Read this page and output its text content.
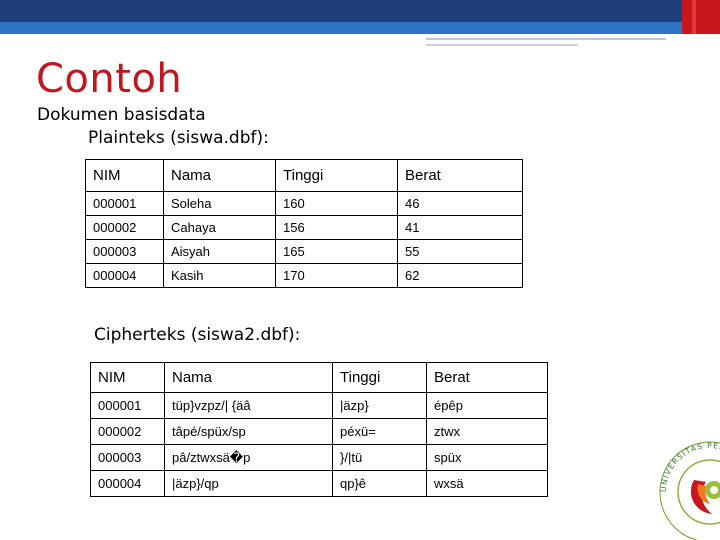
Contoh
Dokumen basisdata
Plainteks (siswa.dbf):
NIM	Nama	Tinggi	Berat
000001	Soleha	160	46
000002	Cahaya	156	41
000003	Aisyah	165	55
000004	Kasih	170	62
Cipherteks (siswa2.dbf):
NIM	Nama	Tinggi	Berat
000001	tüp}vzpz/| {äâ	|äzp}	épêp
000002	tâpé/spüx/sp	péxü=	ztwx
000003	pâ/ztwxsä�p	}/|tü	spüx
000004	|äzp}/qp	qp}ê	wxsä	UNIVERSITAS PE
